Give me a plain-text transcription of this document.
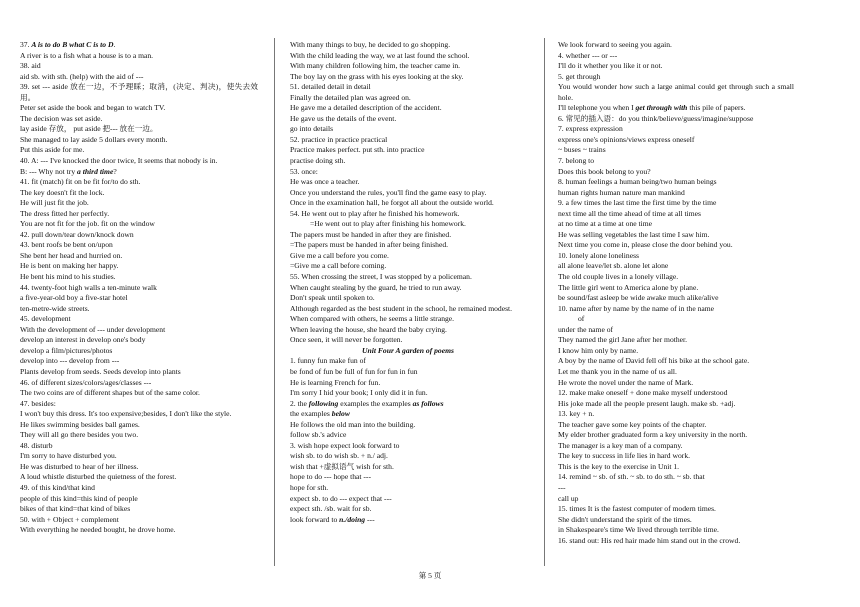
37. A is to do B what C is to D.
A river is to a fish what a house is to a man.
38. aid
aid sb. with sth. (help) with the aid of ---
39. set --- aside 放在一边，不予理睬；取消，(决定、判决)，使失去效用。
Peter set aside the book and began to watch TV.
The decision was set aside.
lay aside 存放， put aside 把--- 放在一边。
She managed to lay aside 5 dollars every month.
Put this aside for me.
40. A: --- I've knocked the door twice, It seems that nobody is in.
B: --- Why not try a third time?
41. fit (match) fit on be fit for/to do sth.
The key doesn't fit the lock.
He will just fit the job.
The dress fitted her perfectly.
You are not fit for the job. fit on the window
42. pull down/tear down/knock down
43. bent roofs be bent on/upon
She bent her head and hurried on.
He is bent on making her happy.
He bent his mind to his studies.
44. twenty-foot high walls a ten-minute walk
a five-year-old boy a five-star hotel
ten-metre-wide streets.
45. development
With the development of --- under development
develop an interest in develop one's body
develop a film/pictures/photos
develop into --- develop from ---
Plants develop from seeds. Seeds develop into plants
46. of different sizes/colors/ages/classes ---
The two coins are of different shapes but of the same color.
47. besides:
I won't buy this dress. It's too expensive;besides, I don't like the style.
He likes swimming besides ball games.
They will all go there besides you two.
48. disturb
I'm sorry to have disturbed you.
He was disturbed to hear of her illness.
A loud whistle disturbed the quietness of the forest.
49. of this kind/that kind
people of this kind=this kind of people
bikes of that kind=that kind of bikes
50. with + Object + complement
With everything he needed bought, he drove home.
With many things to buy, he decided to go shopping.
With the child leading the way, we at last found the school.
With many children following him, the teacher came in.
The boy lay on the grass with his eyes looking at the sky.
51. detailed detail in detail
Finally the detailed plan was agreed on.
He gave me a detailed description of the accident.
He gave us the details of the event.
go into details
52. practice in practice practical
Practice makes perfect. put sth. into practice
practise doing sth.
53. once:
He was once a teacher.
Once you understand the rules, you'll find the game easy to play.
Once in the examination hall, he forgot all about the outside world.
54. He went out to play after he finished his homework.
=He went out to play after finishing his homework.
The papers must be handed in after they are finished.
=The papers must be handed in after being finished.
Give me a call before you come.
=Give me a call before coming.
55. When crossing the street, I was stopped by a policeman.
When caught stealing by the guard, he tried to run away.
Don't speak until spoken to.
Although regarded as the best student in the school, he remained modest.
When compared with others, he seems a little strange.
When leaving the house, she heard the baby crying.
Once seen, it will never be forgotten.
Unit Four A garden of poems
1. funny fun make fun of
be fond of fun be full of fun for fun in fun
He is learning French for fun.
I'm sorry I hid your book; I only did it in fun.
2. the following examples the examples as follows
the examples below
He follows the old man into the building.
follow sb.'s advice
3. wish hope expect look forward to
wish sb. to do wish sb. + n./ adj.
wish that +虚拟语气 wish for sth.
hope to do --- hope that ---
hope for sth.
expect sb. to do --- expect that ---
expect sth. /sb. wait for sb.
look forward to n./doing ---
We look forward to seeing you again.
4. whether --- or ---
I'll do it whether you like it or not.
5. get through
You would wonder how such a large animal could get through such a small hole.
I'll telephone you when I get through with this pile of papers.
6. 常见的插入语：do you think/believe/guess/imagine/suppose
7. express expression
express one's opinions/views express oneself
~ buses ~ trains
7. belong to
Does this book belong to you?
8. human feelings a human being/two human beings
human rights human nature man mankind
9. a few times the last time the first time by the time
next time all the time ahead of time at all times
at no time at a time at one time
He was selling vegetables the last time I saw him.
Next time you come in, please close the door behind you.
10. lonely alone loneliness
all alone leave/let sb. alone let alone
The old couple lives in a lonely village.
The little girl went to America alone by plane.
be sound/fast asleep be wide awake much alike/alive
10. name after by name by the name of in the name
of
under the name of
They named the girl Jane after her mother.
I know him only by name.
A boy by the name of David fell off his bike at the school gate.
Let me thank you in the name of us all.
He wrote the novel under the name of Mark.
12. make make oneself + done make myself understood
His joke made all the people present laugh. make sb. +adj.
13. key + n.
The teacher gave some key points of the chapter.
My elder brother graduated form a key university in the north.
The manager is a key man of a company.
The key to success in life lies in hard work.
This is the key to the exercise in Unit 1.
14. remind ~ sb. of sth. ~ sb. to do sth. ~ sb. that
---
call up
15. times It is the fastest computer of modern times.
She didn't understand the spirit of the times.
in Shakespeare's time We lived through terrible time.
16. stand out: His red hair made him stand out in the crowd.
第 5 页
